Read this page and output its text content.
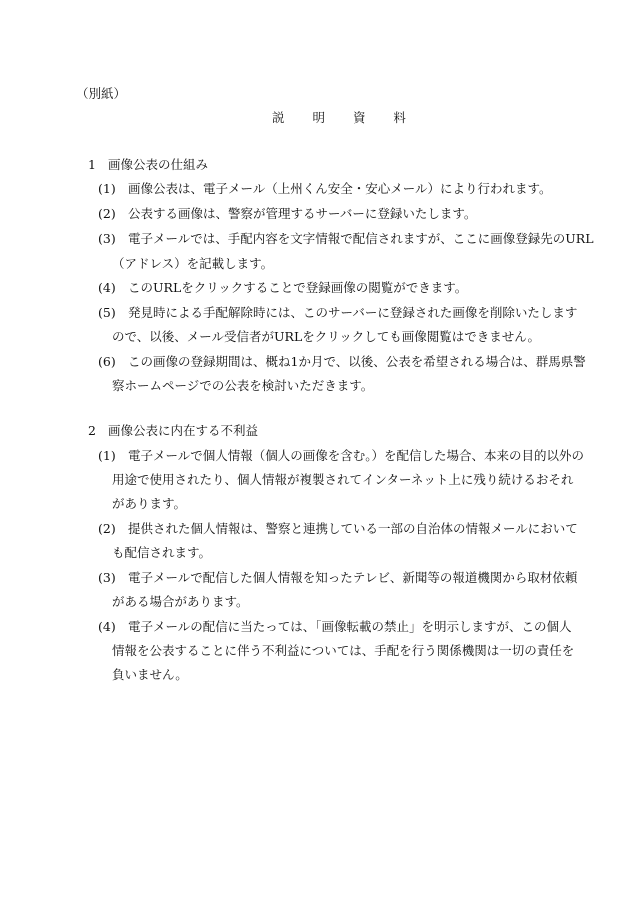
（別紙）
説 明 資 料
1 画像公表の仕組み
(1) 画像公表は、電子メール（上州くん安全・安心メール）により行われます。
(2) 公表する画像は、警察が管理するサーバーに登録いたします。
(3) 電子メールでは、手配内容を文字情報で配信されますが、ここに画像登録先のURL
（アドレス）を記載します。
(4) このURLをクリックすることで登録画像の閲覧ができます。
(5) 発見時による手配解除時には、このサーバーに登録された画像を削除いたします
ので、以後、メール受信者がURLをクリックしても画像閲覧はできません。
(6) この画像の登録期間は、概ね1か月で、以後、公表を希望される場合は、群馬県警
察ホームページでの公表を検討いただきます。
2 画像公表に内在する不利益
(1) 電子メールで個人情報（個人の画像を含む。）を配信した場合、本来の目的以外の
用途で使用されたり、個人情報が複製されてインターネット上に残り続けるおそれ
があります。
(2) 提供された個人情報は、警察と連携している一部の自治体の情報メールにおいて
も配信されます。
(3) 電子メールで配信した個人情報を知ったテレビ、新聞等の報道機関から取材依頼
がある場合があります。
(4) 電子メールの配信に当たっては、「画像転載の禁止」を明示しますが、この個人
情報を公表することに伴う不利益については、手配を行う関係機関は一切の責任を
負いません。
